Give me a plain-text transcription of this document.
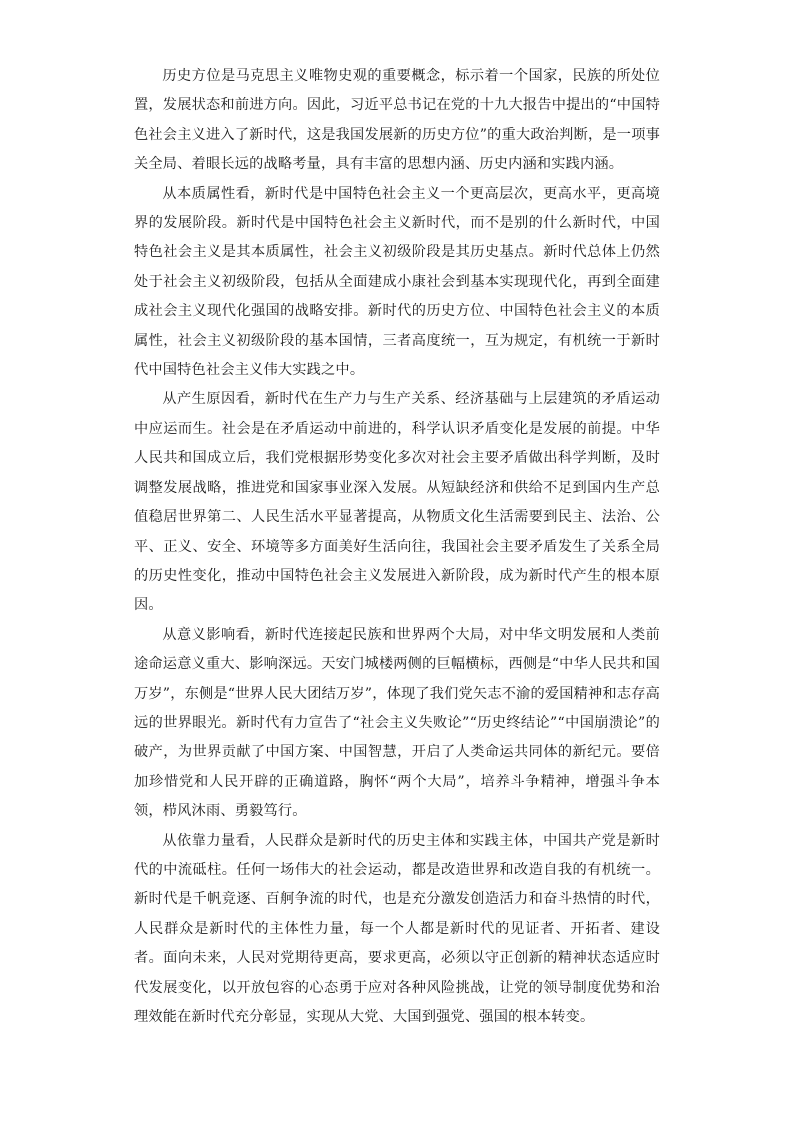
历史方位是马克思主义唯物史观的重要概念，标示着一个国家，民族的所处位置，发展状态和前进方向。因此，习近平总书记在党的十九大报告中提出的“中国特色社会主义进入了新时代，这是我国发展新的历史方位”的重大政治判断，是一项事关全局、着眼长远的战略考量，具有丰富的思想内涵、历史内涵和实践内涵。

从本质属性看，新时代是中国特色社会主义一个更高层次，更高水平，更高境界的发展阶段。新时代是中国特色社会主义新时代，而不是别的什么新时代，中国特色社会主义是其本质属性，社会主义初级阶段是其历史基点。新时代总体上仍然处于社会主义初级阶段，包括从全面建成小康社会到基本实现现代化，再到全面建成社会主义现代化强国的战略安排。新时代的历史方位、中国特色社会主义的本质属性，社会主义初级阶段的基本国情，三者高度统一，互为规定，有机统一于新时代中国特色社会主义伟大实践之中。

从产生原因看，新时代在生产力与生产关系、经济基础与上层建筑的矛盾运动中应运而生。社会是在矛盾运动中前进的，科学认识矛盾变化是发展的前提。中华人民共和国成立后，我们党根据形势变化多次对社会主要矛盾做出科学判断，及时调整发展战略，推进党和国家事业深入发展。从短缺经济和供给不足到国内生产总值稳居世界第二、人民生活水平显著提高，从物质文化生活需要到民主、法治、公平、正义、安全、环境等多方面美好生活向往，我国社会主要矛盾发生了关系全局的历史性变化，推动中国特色社会主义发展进入新阶段，成为新时代产生的根本原因。

从意义影响看，新时代连接起民族和世界两个大局，对中华文明发展和人类前途命运意义重大、影响深远。天安门城楼两侧的巨幅横标，西侧是“中华人民共和国万岁”，东侧是“世界人民大团结万岁”，体现了我们党矢志不渝的爱国精神和志存高远的世界眼光。新时代有力宣告了“社会主义失败论”“历史终结论”“中国崩溃论”的破产，为世界贡献了中国方案、中国智慧，开启了人类命运共同体的新纪元。要倍加珍惜党和人民开辟的正确道路，胸怀“两个大局”，培养斗争精神，增强斗争本领，栉风沐雨、勇毅笃行。

从依靠力量看，人民群众是新时代的历史主体和实践主体，中国共产党是新时代的中流砥柱。任何一场伟大的社会运动，都是改造世界和改造自我的有机统一。新时代是千帆竞逐、百舸争流的时代，也是充分激发创造活力和奋斗热情的时代，人民群众是新时代的主体性力量，每一个人都是新时代的见证者、开拓者、建设者。面向未来，人民对党期待更高，要求更高，必须以守正创新的精神状态适应时代发展变化，以开放包容的心态勇于应对各种风险挑战，让党的领导制度优势和治理效能在新时代充分彰显，实现从大党、大国到强党、强国的根本转变。
